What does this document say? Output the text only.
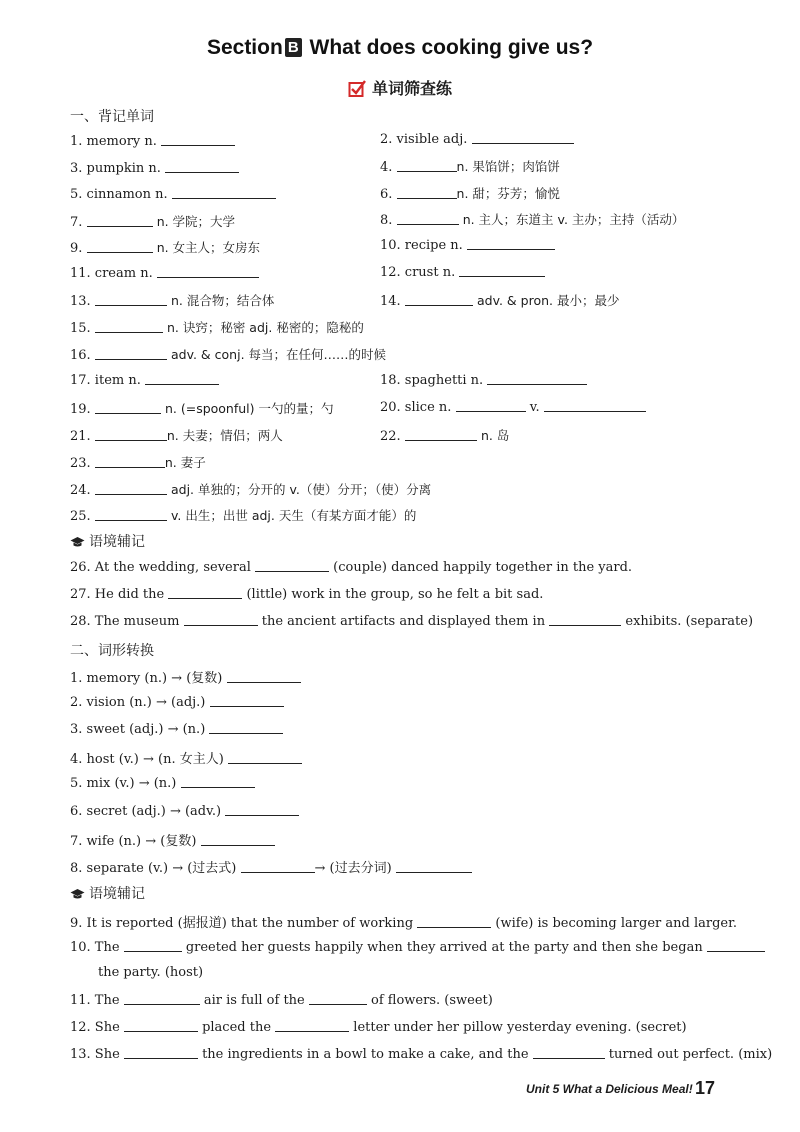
Section B What does cooking give us?
单词筛查练
一、背记单词
1. memory n.	2. visible adj.
3. pumpkin n.	4.	n. 果馅饼；肉馅饼
5. cinnamon n.	6.	n. 甜；芬芳；愉悦
7.	n. 学院；大学	8.	n. 主人；东道主 v. 主办；主持（活动）
9.	n. 女主人；女房东	10. recipe n.
11. cream n.	12. crust n.
13.	n. 混合物；结合体	14.	adv. & pron. 最小；最少
15.	n. 诀窍；秘密 adj. 秘密的；隐秘的
16.	adv. & conj. 每当；在任何……的时候
17. item n.	18. spaghetti n.
19.	n. (=spoonful) 一勺的量；勺	20. slice n.	v.
21.	n. 夫妻；情侣；两人	22.	n. 岛
23.	n. 妻子
24.	adj. 单独的；分开的 v.（使）分开；（使）分离
25.	v. 出生；出世 adj. 天生（有某方面才能）的
语境辅记
26. At the wedding, several	(couple) danced happily together in the yard.
27. He did the	(little) work in the group, so he felt a bit sad.
28. The museum	the ancient artifacts and displayed them in	exhibits. (separate)
二、词形转换
1. memory (n.) → (复数)
2. vision (n.) → (adj.)
3. sweet (adj.) → (n.)
4. host (v.) → (n. 女主人)
5. mix (v.) → (n.)
6. secret (adj.) → (adv.)
7. wife (n.) → (复数)
8. separate (v.) → (过去式)	→ (过去分词)
语境辅记
9. It is reported (据报道) that the number of working	(wife) is becoming larger and larger.
10. The	greeted her guests happily when they arrived at the party and then she began
the party. (host)
11. The	air is full of the	of flowers. (sweet)
12. She	placed the	letter under her pillow yesterday evening. (secret)
13. She	the ingredients in a bowl to make a cake, and the	turned out perfect. (mix)
Unit 5 What a Delicious Meal! 17
